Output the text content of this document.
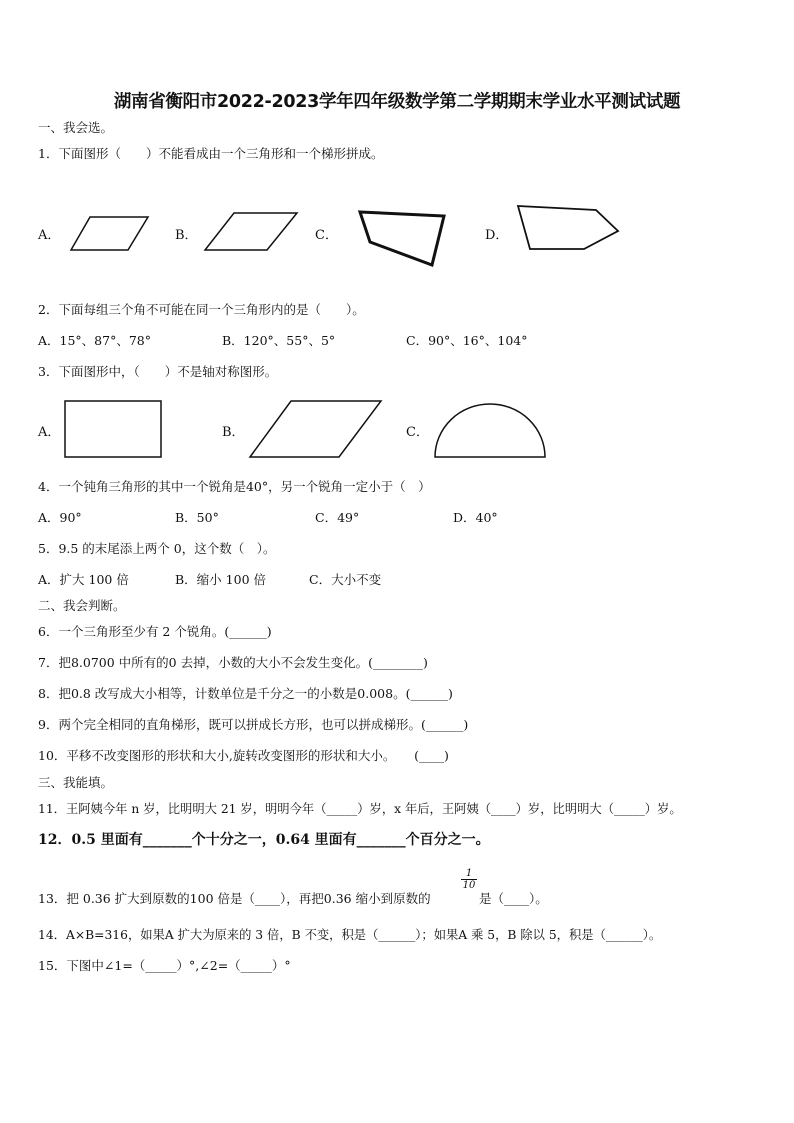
湖南省衡阳市2022-2023学年四年级数学第二学期期末学业水平测试试题
一、我会选。
1．下面图形（　　）不能看成由一个三角形和一个梯形拼成。
A．	B．	C．	D．
2．下面每组三个角不可能在同一个三角形内的是（　　）。
A．15°、87°、78°	B．120°、55°、5°	C．90°、16°、104°
3．下面图形中，（　　）不是轴对称图形。
A．	B．	C．
4．一个钝角三角形的其中一个锐角是40°，另一个锐角一定小于（　）
A．90°	B．50°	C．49°	D．40°
5．9.5 的末尾添上两个 0，这个数（　）。
A．扩大 100 倍	B．缩小 100 倍	C．大小不变
二、我会判断。
6．一个三角形至少有 2 个锐角。(______)
7．把8.0700 中所有的0 去掉，小数的大小不会发生变化。(________)
8．把0.8 改写成大小相等，计数单位是千分之一的小数是0.008。(______)
9．两个完全相同的直角梯形，既可以拼成长方形，也可以拼成梯形。(______)
10．平移不改变图形的形状和大小,旋转改变图形的形状和大小。　　(____)
三、我能填。
11．王阿姨今年 n 岁，比明明大 21 岁，明明今年（_____）岁，x 年后，王阿姨（____）岁，比明明大（_____）岁。
12．0.5 里面有_______个十分之一，0.64 里面有_______个百分之一。
13．把 0.36 扩大到原数的100 倍是（____），再把0.36 缩小到原数的
1
10
是（____）。
14．A×B=316，如果A 扩大为原来的 3 倍，B 不变，积是（______）；如果A 乘 5，B 除以 5，积是（______）。
15．下图中∠1=（_____）°,∠2=（_____）°
